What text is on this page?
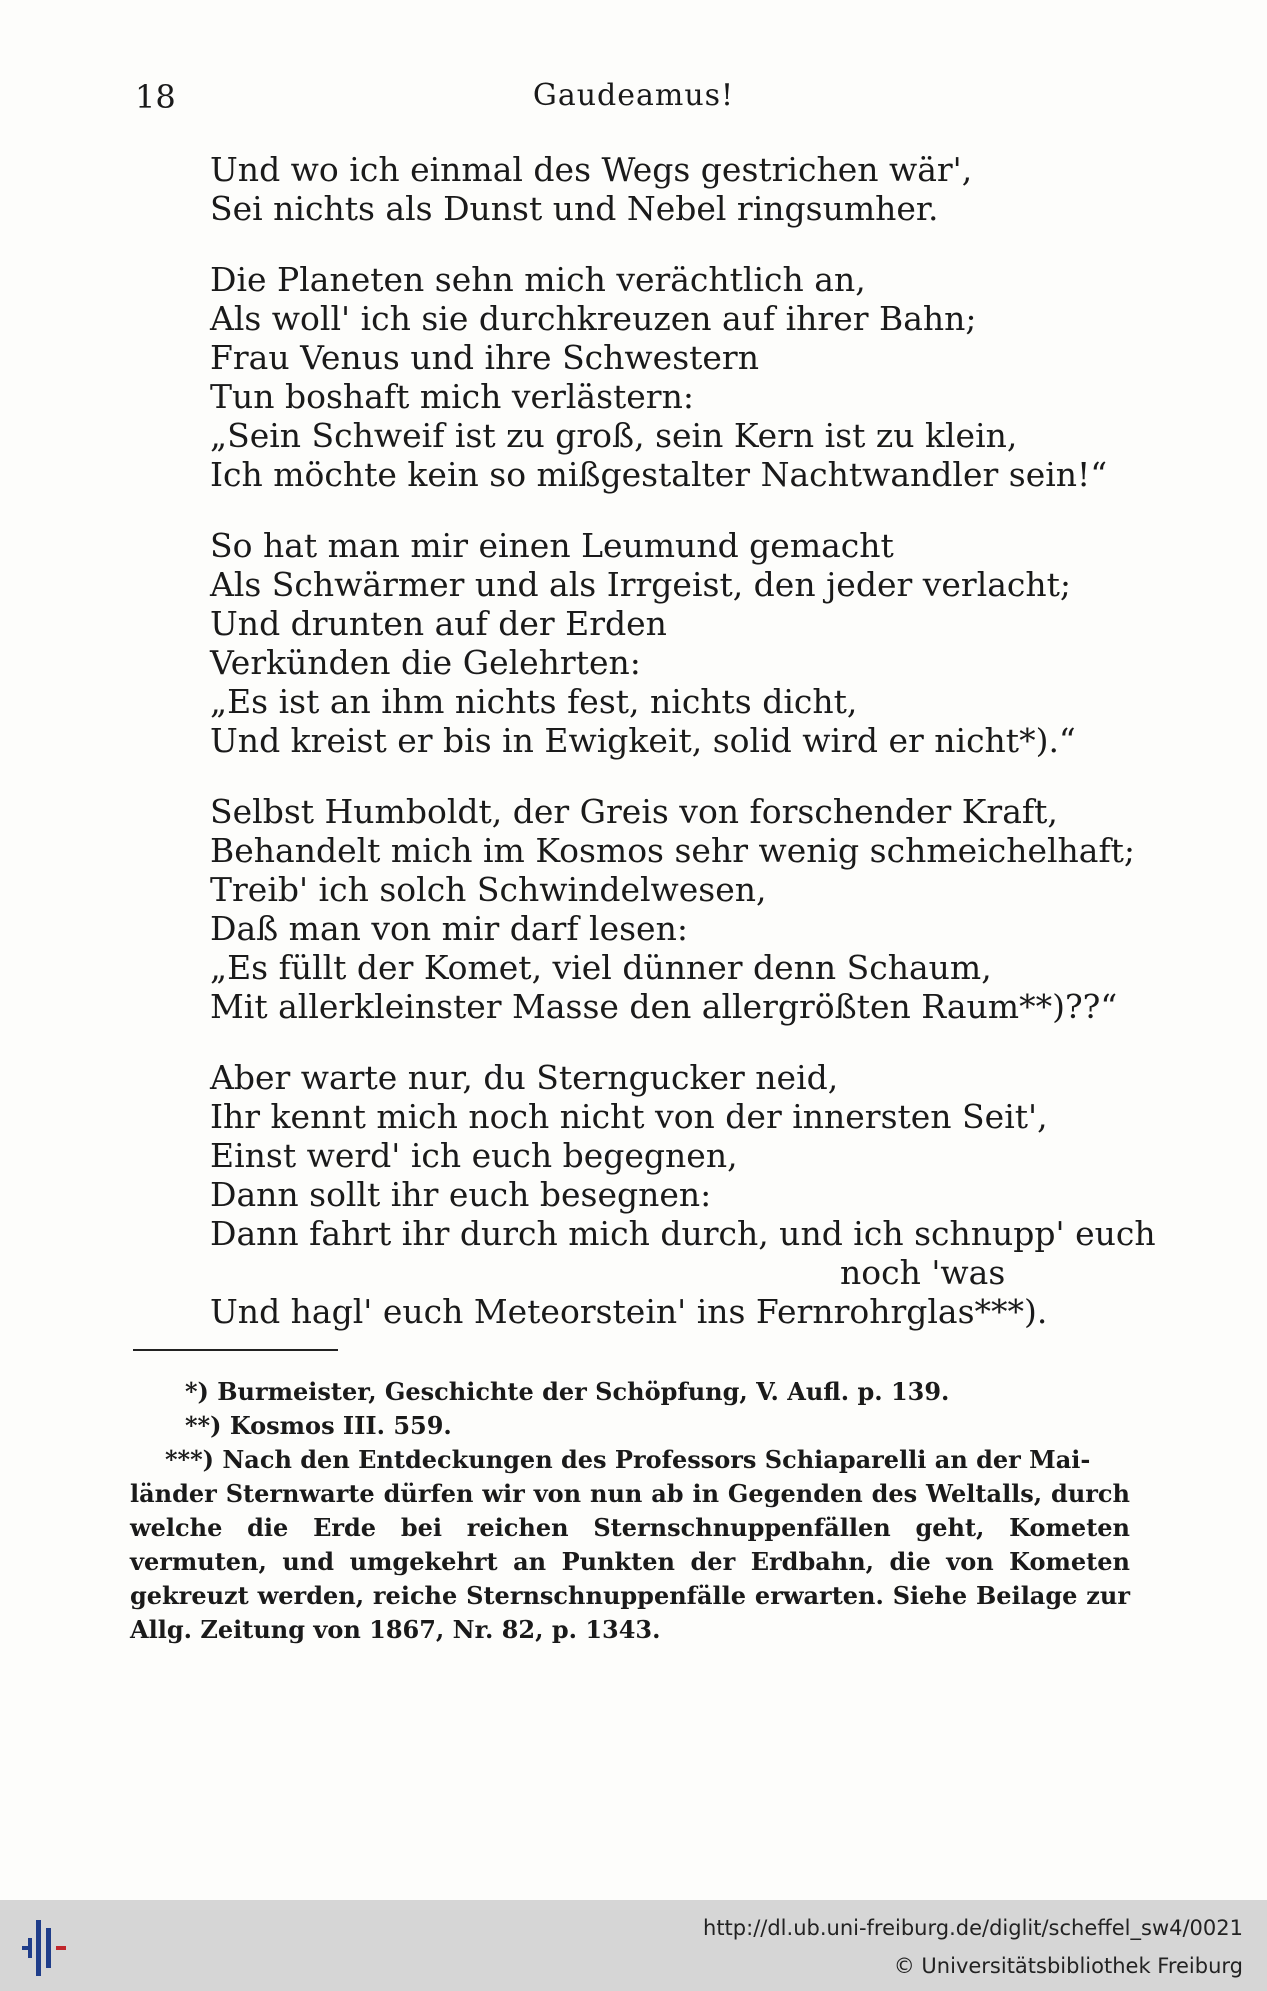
18	Gaudeamus!
Und wo ich einmal des Wegs gestrichen wär',
Sei nichts als Dunst und Nebel ringsumher.
Die Planeten sehn mich verächtlich an,
Als woll' ich sie durchkreuzen auf ihrer Bahn;
Frau Venus und ihre Schwestern
Tun boshaft mich verlästern:
„Sein Schweif ist zu groß, sein Kern ist zu klein,
Ich möchte kein so mißgestalter Nachtwandler sein!“
So hat man mir einen Leumund gemacht
Als Schwärmer und als Irrgeist, den jeder verlacht;
Und drunten auf der Erden
Verkünden die Gelehrten:
„Es ist an ihm nichts fest, nichts dicht,
Und kreist er bis in Ewigkeit, solid wird er nicht*).“
Selbst Humboldt, der Greis von forschender Kraft,
Behandelt mich im Kosmos sehr wenig schmeichelhaft;
Treib' ich solch Schwindelwesen,
Daß man von mir darf lesen:
„Es füllt der Komet, viel dünner denn Schaum,
Mit allerkleinster Masse den allergrößten Raum**)??“
Aber warte nur, du Sterngucker neid,
Ihr kennt mich noch nicht von der innersten Seit',
Einst werd' ich euch begegnen,
Dann sollt ihr euch besegnen:
Dann fahrt ihr durch mich durch, und ich schnupp' euch
noch 'was
Und hagl' euch Meteorstein' ins Fernrohrglas***).

*) Burmeister, Geschichte der Schöpfung, V. Aufl. p. 139.

**) Kosmos III. 559.

***) Nach den Entdeckungen des Professors Schiaparelli an der Mai-
länder Sternwarte dürfen wir von nun ab in Gegenden des Weltalls, durch welche die Erde bei reichen Sternschnuppenfällen geht, Kometen vermuten, und umgekehrt an Punkten der Erdbahn, die von Kometen gekreuzt werden, reiche Sternschnuppenfälle erwarten. Siehe Beilage zur Allg. Zeitung von 1867, Nr. 82, p. 1343.

http://dl.ub.uni-freiburg.de/diglit/scheffel_sw4/0021
© Universitätsbibliothek Freiburg
